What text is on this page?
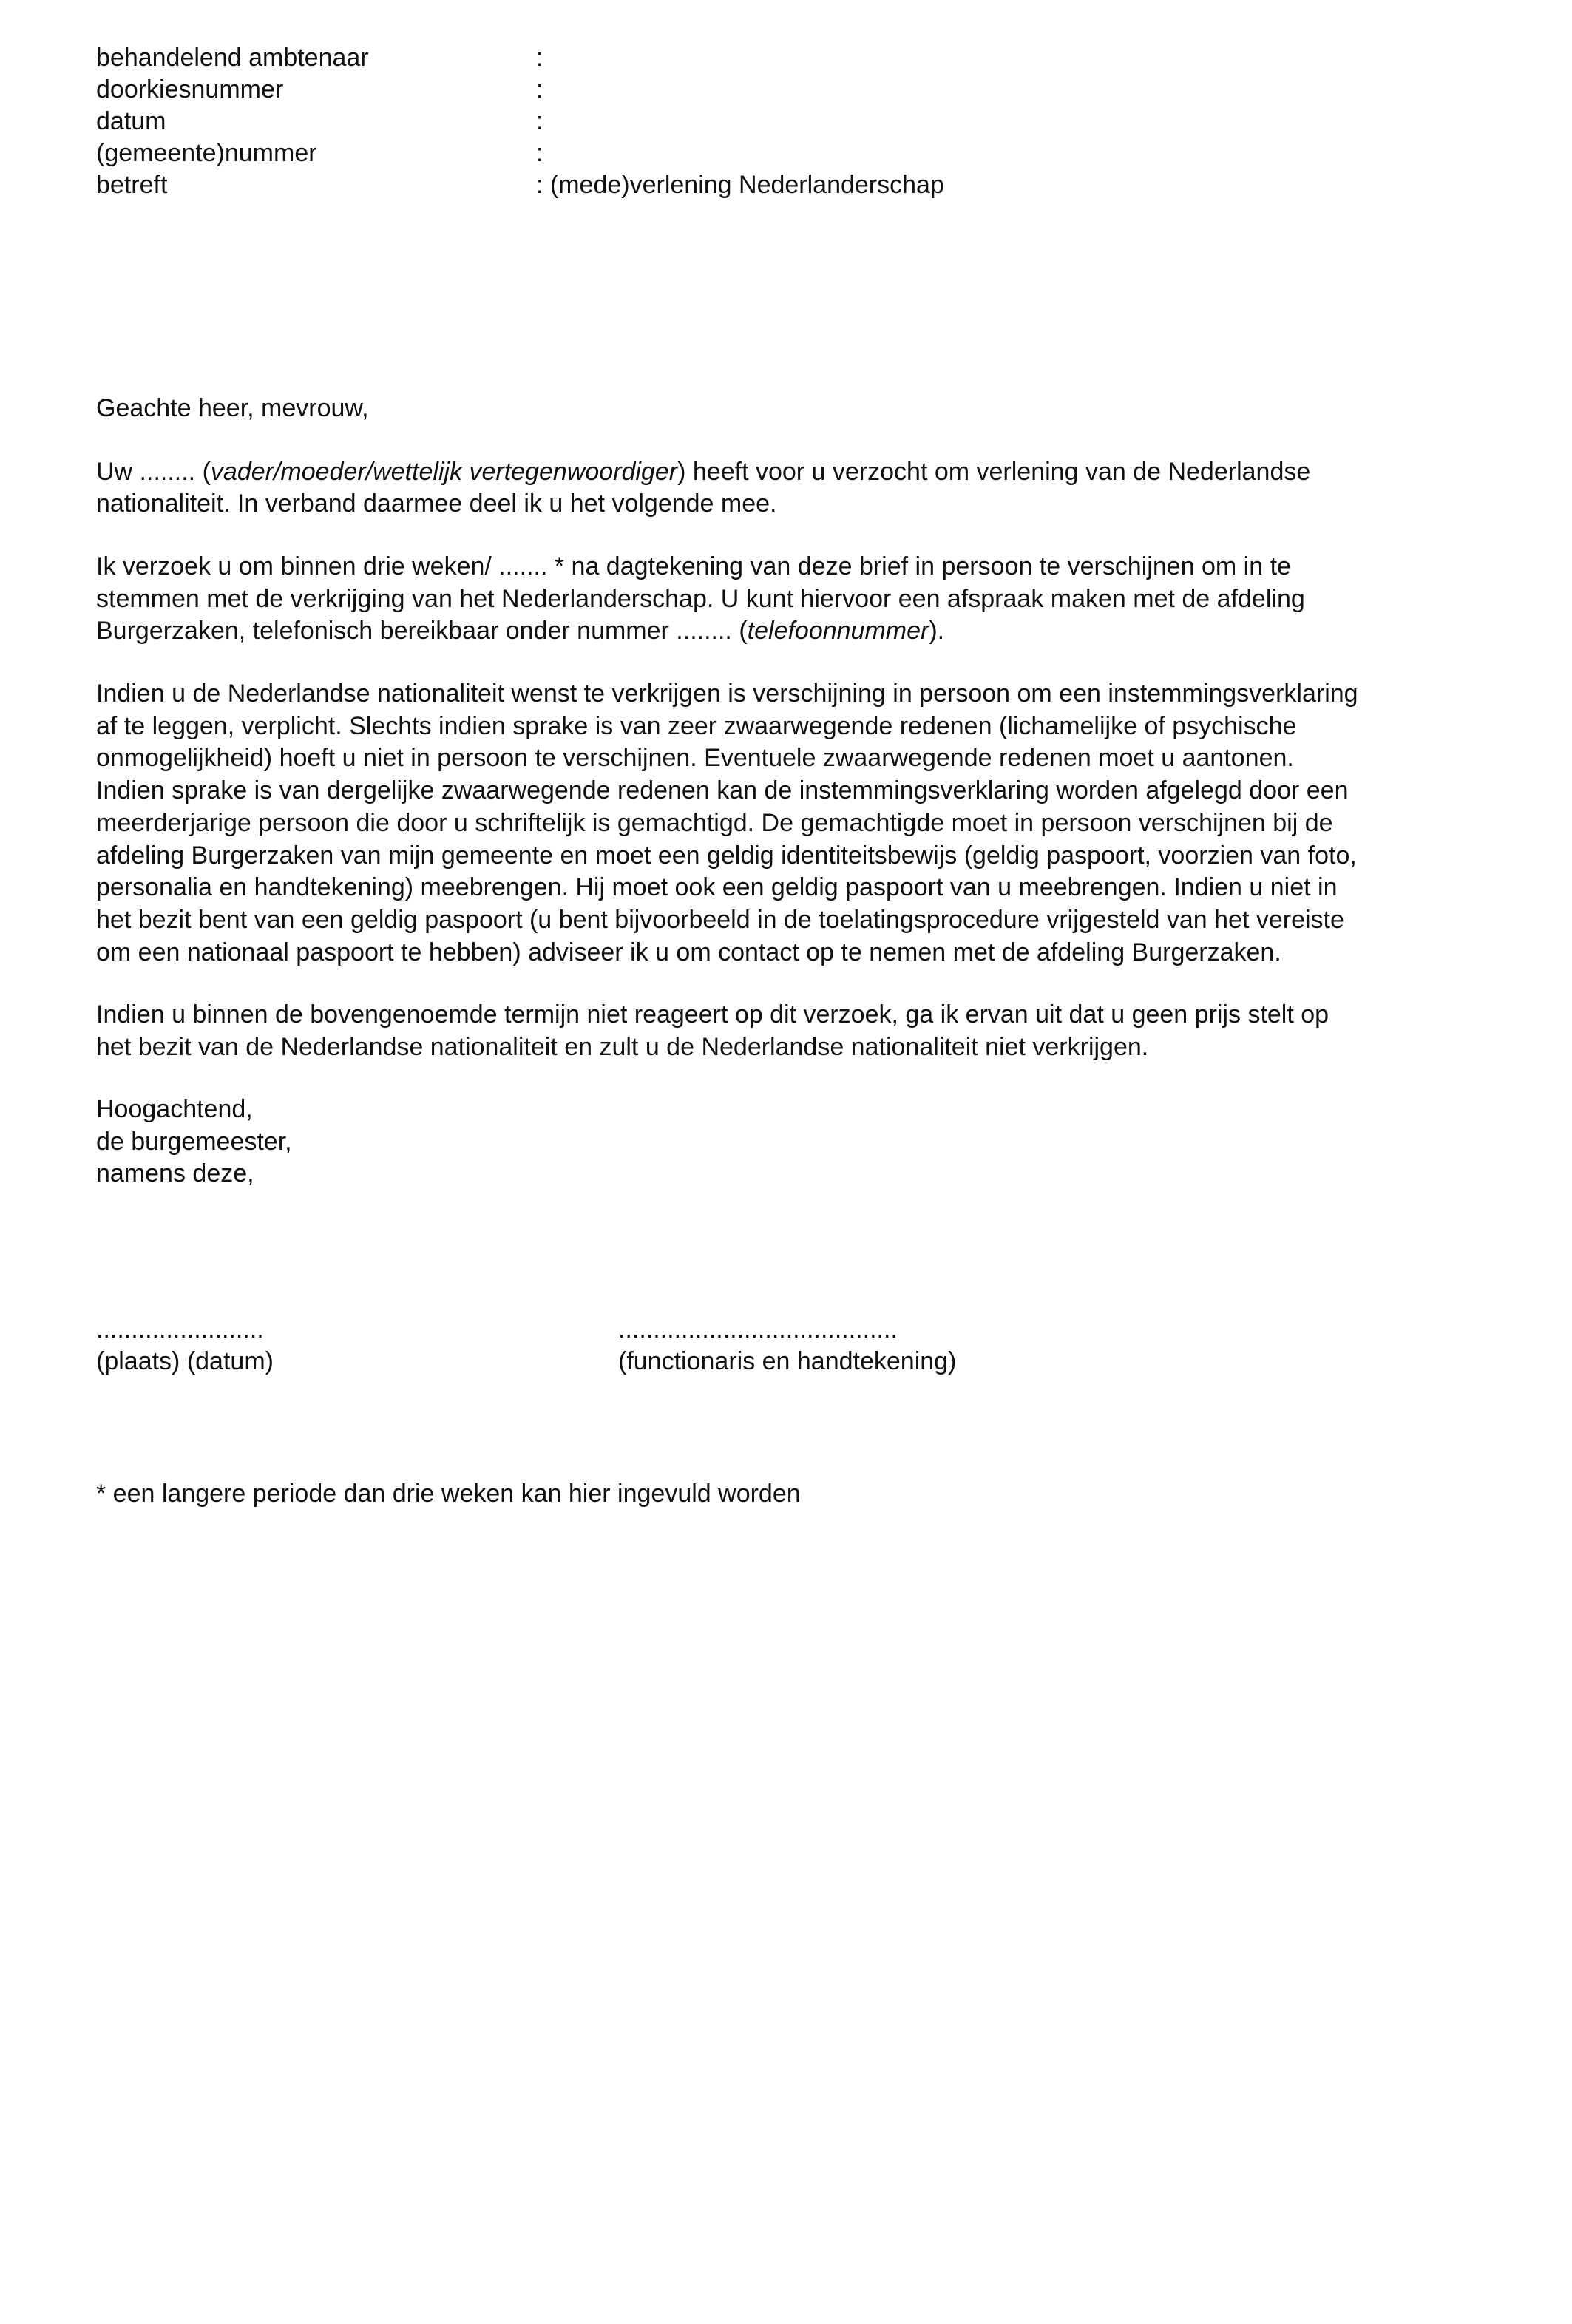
behandelend ambtenaar	:
doorkiesnummer	:
datum	:
(gemeente)nummer	:
betreft	: (mede)verlening Nederlanderschap
Geachte heer, mevrouw,
Uw ........ (vader/moeder/wettelijk vertegenwoordiger) heeft voor u verzocht om verlening van de Nederlandse
nationaliteit. In verband daarmee deel ik u het volgende mee.
Ik verzoek u om binnen drie weken/ ....... * na dagtekening van deze brief in persoon te verschijnen om in te
stemmen met de verkrijging van het Nederlanderschap. U kunt hiervoor een afspraak maken met de afdeling
Burgerzaken, telefonisch bereikbaar onder nummer ........ (telefoonnummer).
Indien u de Nederlandse nationaliteit wenst te verkrijgen is verschijning in persoon om een instemmingsverklaring
af te leggen, verplicht. Slechts indien sprake is van zeer zwaarwegende redenen (lichamelijke of psychische
onmogelijkheid) hoeft u niet in persoon te verschijnen. Eventuele zwaarwegende redenen moet u aantonen.
Indien sprake is van dergelijke zwaarwegende redenen kan de instemmingsverklaring worden afgelegd door een
meerderjarige persoon die door u schriftelijk is gemachtigd. De gemachtigde moet in persoon verschijnen bij de
afdeling Burgerzaken van mijn gemeente en moet een geldig identiteitsbewijs (geldig paspoort, voorzien van foto,
personalia en handtekening) meebrengen. Hij moet ook een geldig paspoort van u meebrengen. Indien u niet in
het bezit bent van een geldig paspoort (u bent bijvoorbeeld in de toelatingsprocedure vrijgesteld van het vereiste
om een nationaal paspoort te hebben) adviseer ik u om contact op te nemen met de afdeling Burgerzaken.
Indien u binnen de bovengenoemde termijn niet reageert op dit verzoek, ga ik ervan uit dat u geen prijs stelt op
het bezit van de Nederlandse nationaliteit en zult u de Nederlandse nationaliteit niet verkrijgen.
Hoogachtend,
de burgemeester,
namens deze,
........................	........................................
(plaats) (datum)	(functionaris en handtekening)
* een langere periode dan drie weken kan hier ingevuld worden
